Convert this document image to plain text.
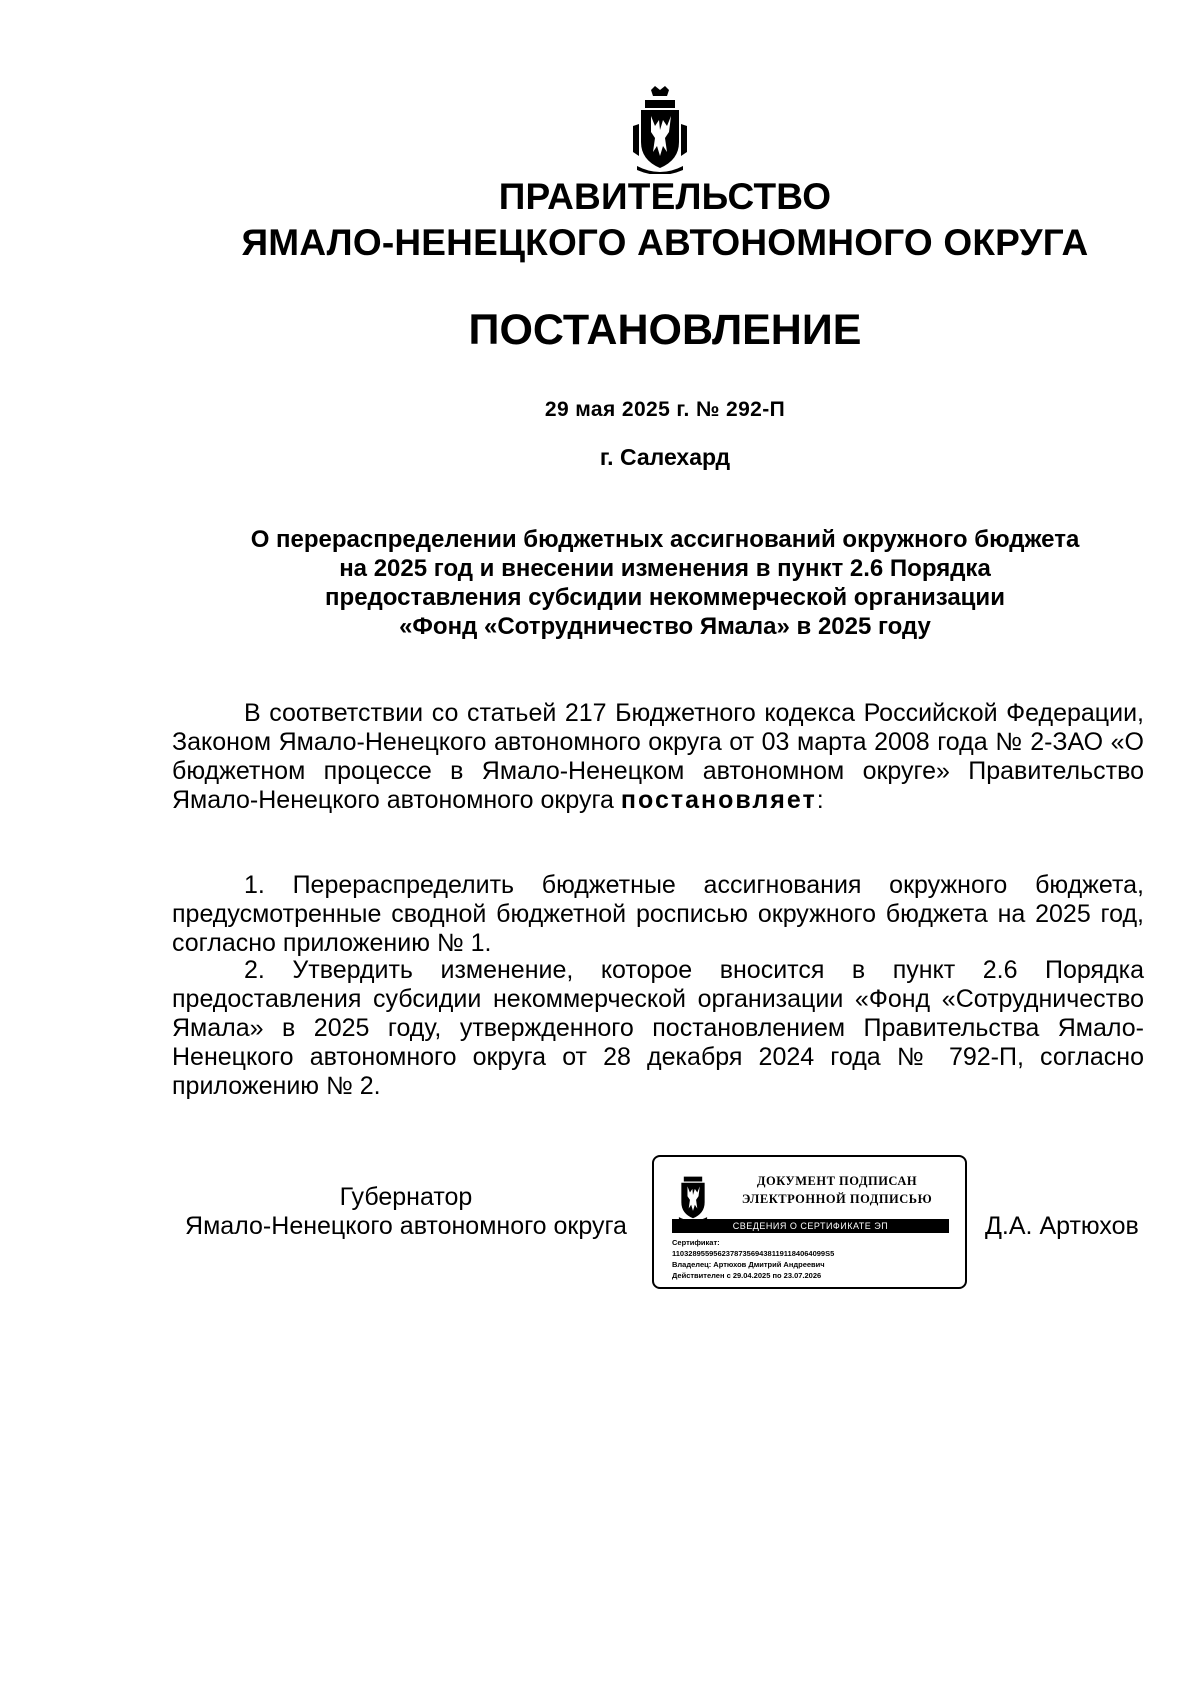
ПРАВИТЕЛЬСТВО
ЯМАЛО-НЕНЕЦКОГО АВТОНОМНОГО ОКРУГА
ПОСТАНОВЛЕНИЕ
29 мая 2025 г. № 292-П
г. Салехард
О перераспределении бюджетных ассигнований окружного бюджета
на 2025 год и внесении изменения в пункт 2.6 Порядка
предоставления субсидии некоммерческой организации
«Фонд «Сотрудничество Ямала» в 2025 году
В соответствии со статьей 217 Бюджетного кодекса Российской Федерации, Законом Ямало-Ненецкого автономного округа от 03 марта 2008 года № 2-ЗАО «О бюджетном процессе в Ямало-Ненецком автономном округе» Правительство Ямало-Ненецкого автономного округа постановляет:
1. Перераспределить бюджетные ассигнования окружного бюджета, предусмотренные сводной бюджетной росписью окружного бюджета на 2025 год, согласно приложению № 1.
2. Утвердить изменение, которое вносится в пункт 2.6 Порядка предоставления субсидии некоммерческой организации «Фонд «Сотрудничество Ямала» в 2025 году, утвержденного постановлением Правительства Ямало-Ненецкого автономного округа от 28 декабря 2024 года № 792-П, согласно приложению № 2.
Губернатор
Ямало-Ненецкого автономного округа
ДОКУМЕНТ ПОДПИСАН
ЭЛЕКТРОННОЙ ПОДПИСЬЮ
СВЕДЕНИЯ О СЕРТИФИКАТЕ ЭП
Сертификат:
1103289559562378735694381191184064099S5
Владелец: Артюхов Дмитрий Андреевич
Действителен с 29.04.2025 по 23.07.2026
Д.А. Артюхов
